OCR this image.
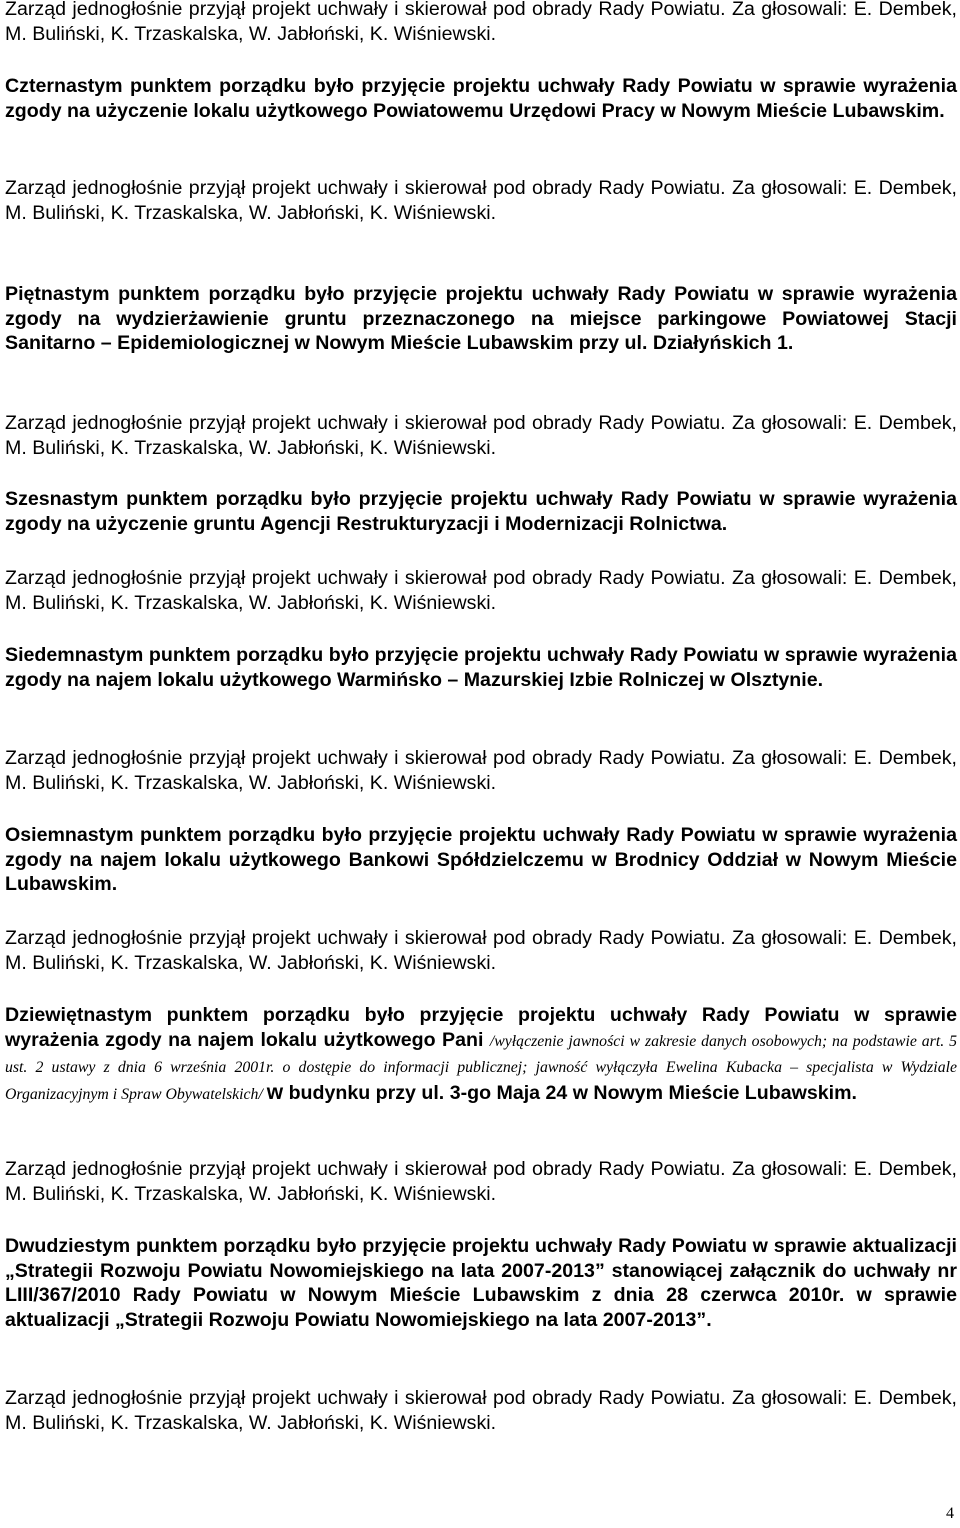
Zarząd jednogłośnie przyjął projekt uchwały i skierował pod obrady Rady Powiatu. Za głosowali: E. Dembek, M. Buliński, K. Trzaskalska, W. Jabłoński, K. Wiśniewski.

Czternastym punktem porządku było przyjęcie projektu uchwały Rady Powiatu w sprawie wyrażenia zgody na użyczenie lokalu użytkowego Powiatowemu Urzędowi Pracy w Nowym Mieście Lubawskim.

Zarząd jednogłośnie przyjął projekt uchwały i skierował pod obrady Rady Powiatu. Za głosowali: E. Dembek, M. Buliński, K. Trzaskalska, W. Jabłoński, K. Wiśniewski.

Piętnastym punktem porządku było przyjęcie projektu uchwały Rady Powiatu w sprawie wyrażenia zgody na wydzierżawienie gruntu przeznaczonego na miejsce parkingowe Powiatowej Stacji Sanitarno – Epidemiologicznej w Nowym Mieście Lubawskim przy ul. Działyńskich 1.

Zarząd jednogłośnie przyjął projekt uchwały i skierował pod obrady Rady Powiatu. Za głosowali: E. Dembek, M. Buliński, K. Trzaskalska, W. Jabłoński, K. Wiśniewski.

Szesnastym punktem porządku było przyjęcie projektu uchwały Rady Powiatu w sprawie wyrażenia zgody na użyczenie gruntu Agencji Restrukturyzacji i Modernizacji Rolnictwa.

Zarząd jednogłośnie przyjął projekt uchwały i skierował pod obrady Rady Powiatu. Za głosowali: E. Dembek, M. Buliński, K. Trzaskalska, W. Jabłoński, K. Wiśniewski.

Siedemnastym punktem porządku było przyjęcie projektu uchwały Rady Powiatu w sprawie wyrażenia zgody na najem lokalu użytkowego Warmińsko – Mazurskiej Izbie Rolniczej w Olsztynie.

Zarząd jednogłośnie przyjął projekt uchwały i skierował pod obrady Rady Powiatu. Za głosowali: E. Dembek, M. Buliński, K. Trzaskalska, W. Jabłoński, K. Wiśniewski.

Osiemnastym punktem porządku było przyjęcie projektu uchwały Rady Powiatu w sprawie wyrażenia zgody na najem lokalu użytkowego Bankowi Spółdzielczemu w Brodnicy Oddział w Nowym Mieście Lubawskim.

Zarząd jednogłośnie przyjął projekt uchwały i skierował pod obrady Rady Powiatu. Za głosowali: E. Dembek, M. Buliński, K. Trzaskalska, W. Jabłoński, K. Wiśniewski.

Dziewiętnastym punktem porządku było przyjęcie projektu uchwały Rady Powiatu w sprawie wyrażenia zgody na najem lokalu użytkowego Pani /wyłączenie jawności w zakresie danych osobowych; na podstawie art. 5 ust. 2 ustawy z dnia 6 września 2001r. o dostępie do informacji publicznej; jawność wyłączyła Ewelina Kubacka – specjalista w Wydziale Organizacyjnym i Spraw Obywatelskich/ w budynku przy ul. 3-go Maja 24 w Nowym Mieście Lubawskim.

Zarząd jednogłośnie przyjął projekt uchwały i skierował pod obrady Rady Powiatu. Za głosowali: E. Dembek, M. Buliński, K. Trzaskalska, W. Jabłoński, K. Wiśniewski.

Dwudziestym punktem porządku było przyjęcie projektu uchwały Rady Powiatu w sprawie aktualizacji „Strategii Rozwoju Powiatu Nowomiejskiego na lata 2007-2013” stanowiącej załącznik do uchwały nr LIII/367/2010 Rady Powiatu w Nowym Mieście Lubawskim z dnia 28 czerwca 2010r. w sprawie aktualizacji „Strategii Rozwoju Powiatu Nowomiejskiego na lata 2007-2013”.

Zarząd jednogłośnie przyjął projekt uchwały i skierował pod obrady Rady Powiatu. Za głosowali: E. Dembek, M. Buliński, K. Trzaskalska, W. Jabłoński, K. Wiśniewski.

4
